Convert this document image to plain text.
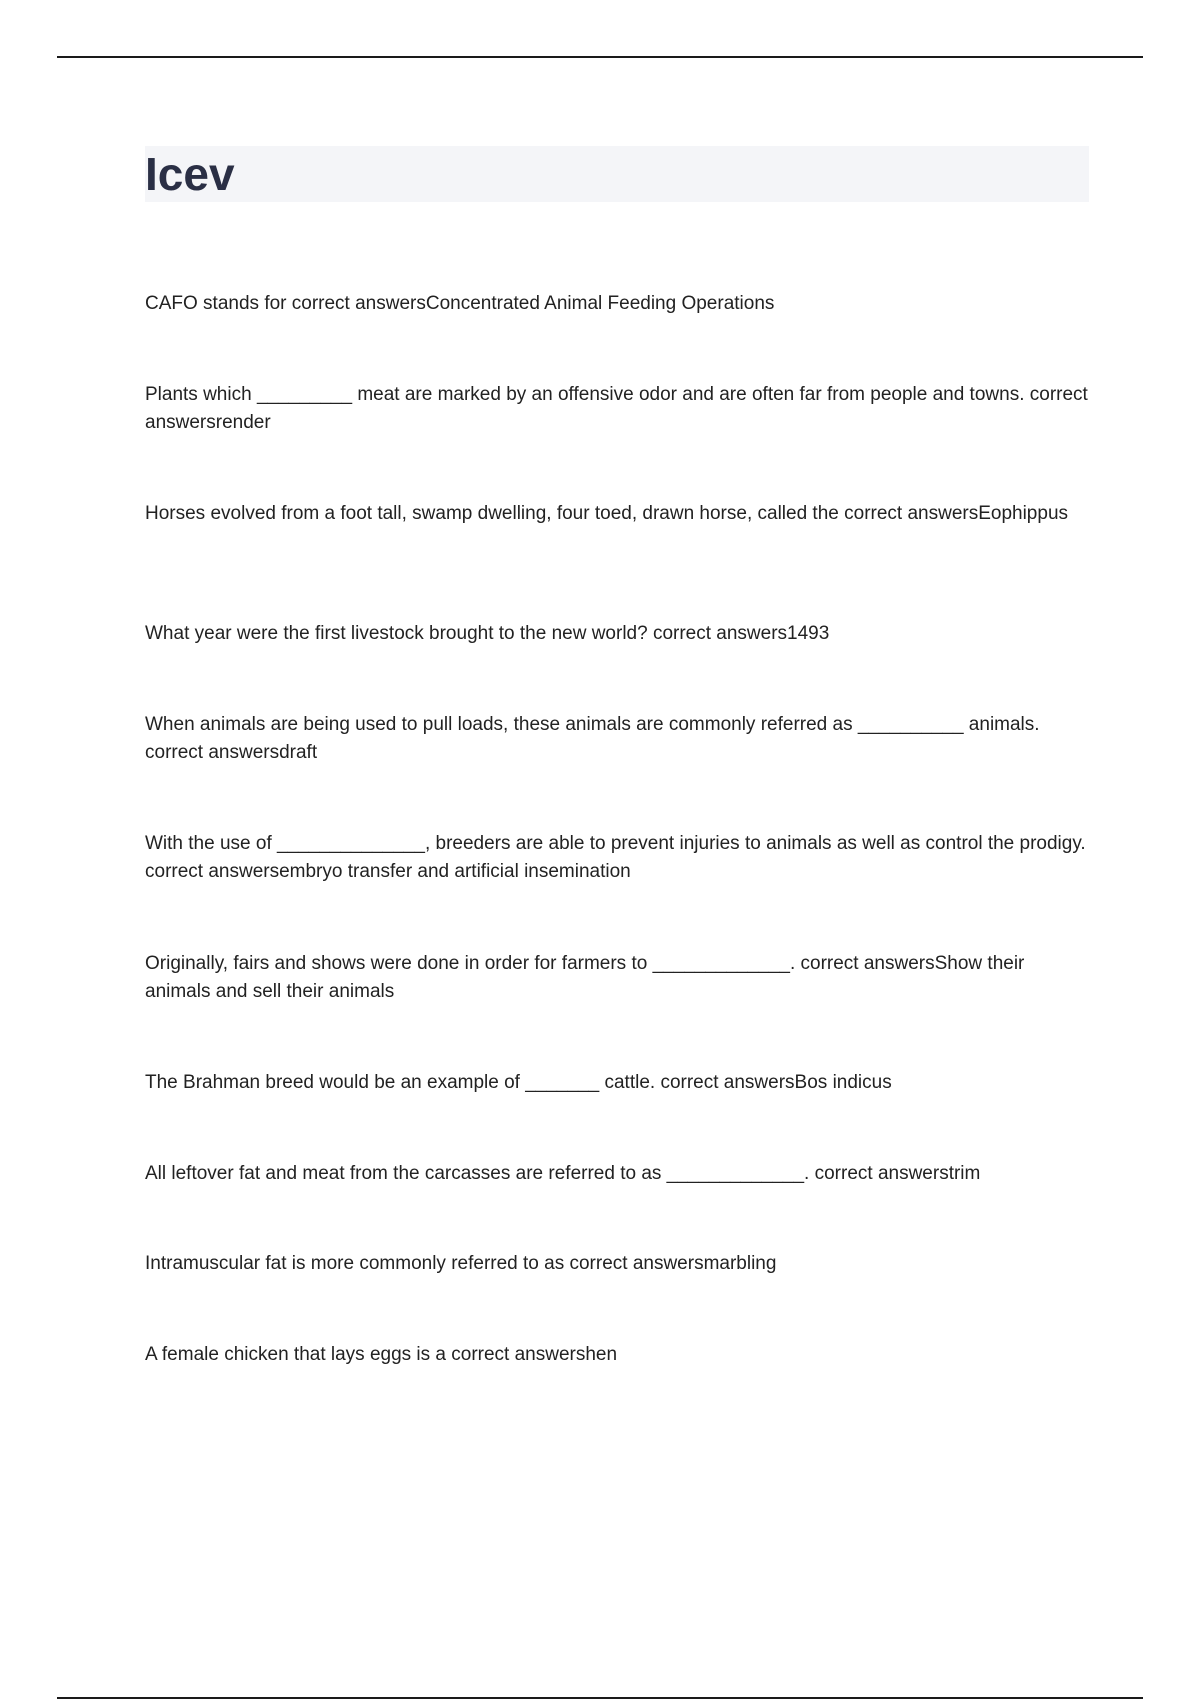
Icev
CAFO stands for correct answersConcentrated Animal Feeding Operations
Plants which _________ meat are marked by an offensive odor and are often far from people and towns. correct answersrender
Horses evolved from a foot tall, swamp dwelling, four toed, drawn horse, called the correct answersEophippus
What year were the first livestock brought to the new world? correct answers1493
When animals are being used to pull loads, these animals are commonly referred as __________ animals. correct answersdraft
With the use of ______________, breeders are able to prevent injuries to animals as well as control the prodigy. correct answersembryo transfer and artificial insemination
Originally, fairs and shows were done in order for farmers to _____________. correct answersShow their animals and sell their animals
The Brahman breed would be an example of _______ cattle. correct answersBos indicus
All leftover fat and meat from the carcasses are referred to as _____________. correct answerstrim
Intramuscular fat is more commonly referred to as correct answersmarbling
A female chicken that lays eggs is a correct answershen
